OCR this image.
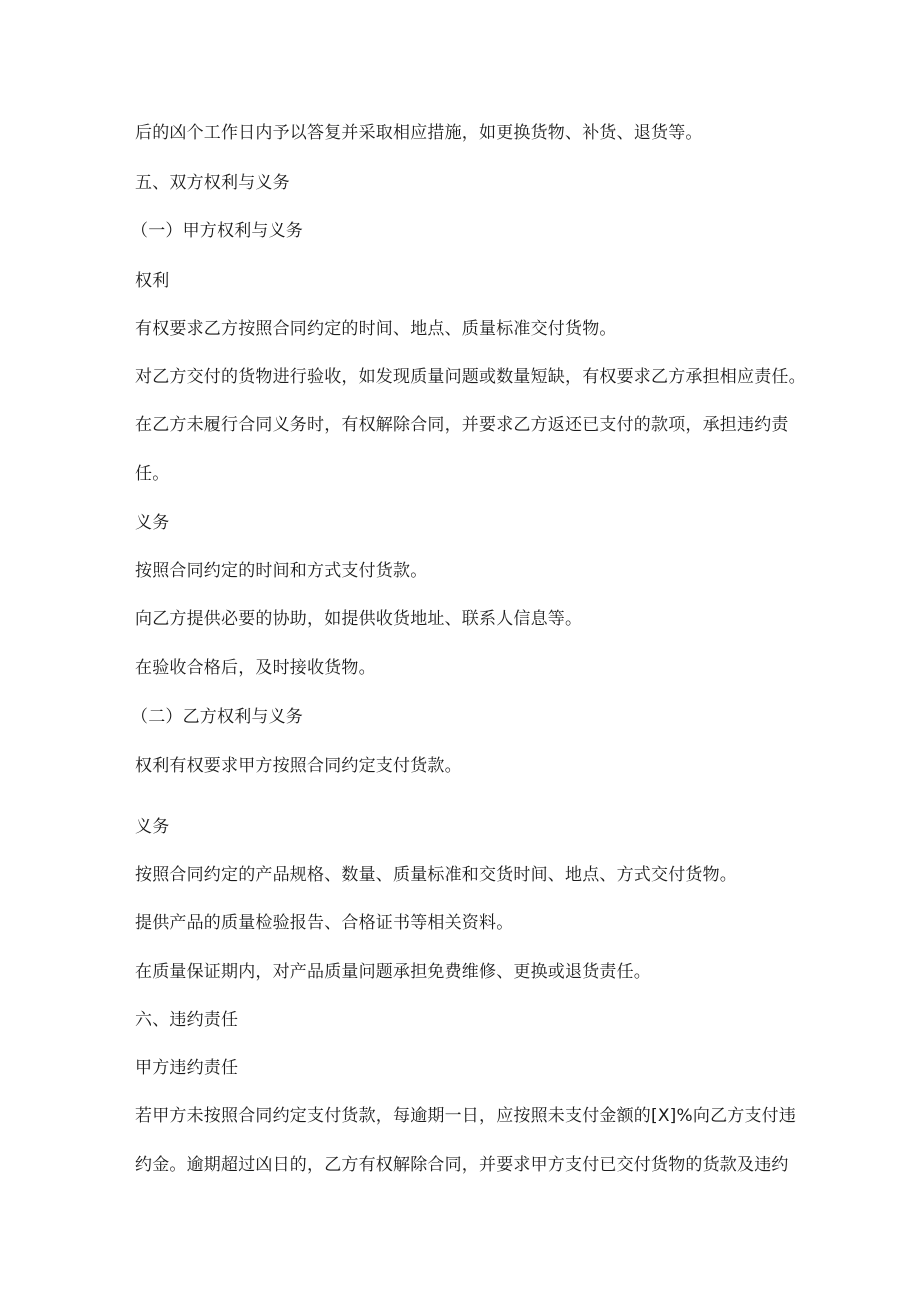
后的凶个工作日内予以答复并采取相应措施，如更换货物、补货、退货等。
五、双方权利与义务
（一）甲方权利与义务
权利
有权要求乙方按照合同约定的时间、地点、质量标准交付货物。
对乙方交付的货物进行验收，如发现质量问题或数量短缺，有权要求乙方承担相应责任。
在乙方未履行合同义务时，有权解除合同，并要求乙方返还已支付的款项，承担违约责
任。
义务
按照合同约定的时间和方式支付货款。
向乙方提供必要的协助，如提供收货地址、联系人信息等。
在验收合格后，及时接收货物。
（二）乙方权利与义务
权利有权要求甲方按照合同约定支付货款。
义务
按照合同约定的产品规格、数量、质量标准和交货时间、地点、方式交付货物。
提供产品的质量检验报告、合格证书等相关资料。
在质量保证期内，对产品质量问题承担免费维修、更换或退货责任。
六、违约责任
甲方违约责任
若甲方未按照合同约定支付货款，每逾期一日，应按照未支付金额的[X]%向乙方支付违
约金。逾期超过凶日的，乙方有权解除合同，并要求甲方支付已交付货物的货款及违约
